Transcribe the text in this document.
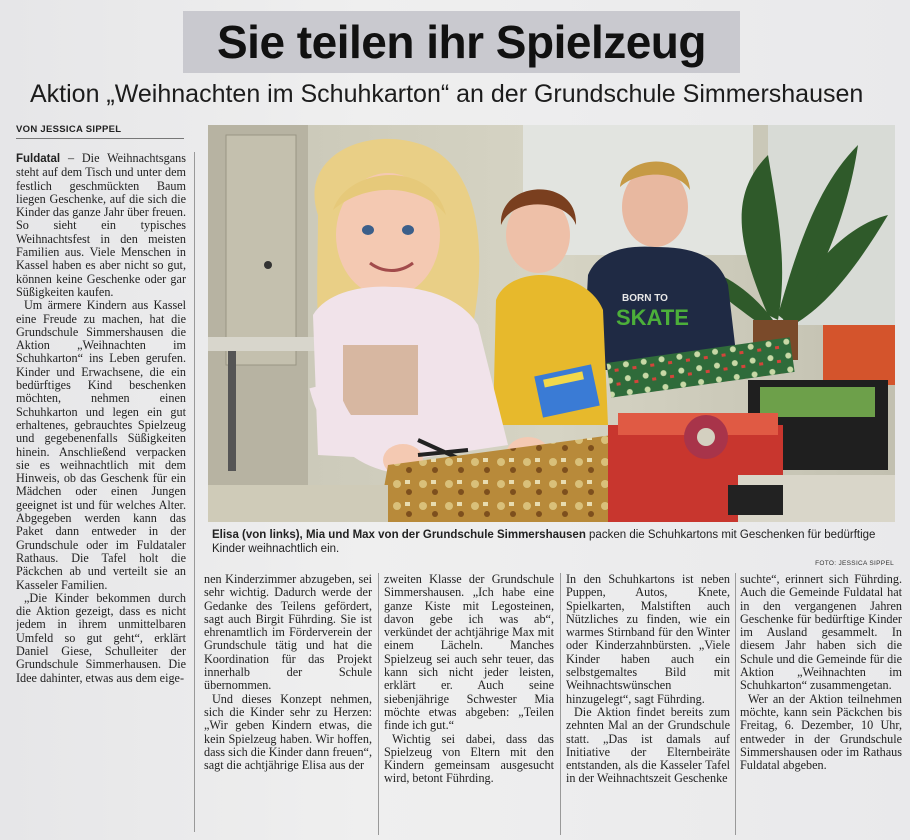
Sie teilen ihr Spielzeug
Aktion „Weihnachten im Schuhkarton“ an der Grundschule Simmershausen
VON JESSICA SIPPEL

Fuldatal – Die Weihnachtsgans steht auf dem Tisch und unter dem festlich geschmückten Baum liegen Geschenke, auf die sich die Kinder das ganze Jahr über freuen. So sieht ein typisches Weihnachtsfest in den meisten Familien aus. Viele Menschen in Kassel haben es aber nicht so gut, können keine Geschenke oder gar Süßigkeiten kaufen.

Um ärmere Kindern aus Kassel eine Freude zu machen, hat die Grundschule Simmershausen die Aktion „Weihnachten im Schuhkarton“ ins Leben gerufen. Kinder und Erwachsene, die ein bedürftiges Kind beschenken möchten, nehmen einen Schuhkarton und legen ein gut erhaltenes, gebrauchtes Spielzeug und gegebenenfalls Süßigkeiten hinein. Anschließend verpacken sie es weihnachtlich mit dem Hinweis, ob das Geschenk für ein Mädchen oder einen Jungen geeignet ist und für welches Alter. Abgegeben werden kann das Paket dann entweder in der Grundschule oder im Fuldataler Rathaus. Die Tafel holt die Päckchen ab und verteilt sie an Kasseler Familien.

„Die Kinder bekommen durch die Aktion gezeigt, dass es nicht jedem in ihrem unmittelbaren Umfeld so gut geht“, erklärt Daniel Giese, Schulleiter der Grundschule Simmerhausen. Die Idee dahinter, etwas aus dem eige-

BORN TO
SKATE
Elisa (von links), Mia und Max von der Grundschule Simmershausen packen die Schuhkartons mit Geschenken für bedürftige Kinder weihnachtlich ein.
FOTO: JESSICA SIPPEL

nen Kinderzimmer abzugeben, sei sehr wichtig. Dadurch werde der Gedanke des Teilens gefördert, sagt auch Birgit Führding. Sie ist ehrenamtlich im Förderverein der Grundschule tätig und hat die Koordination für das Projekt innerhalb der Schule übernommen.

Und dieses Konzept nehmen, sich die Kinder sehr zu Herzen: „Wir geben Kindern etwas, die kein Spielzeug haben. Wir hoffen, dass sich die Kinder dann freuen“, sagt die achtjährige Elisa aus der

zweiten Klasse der Grundschule Simmershausen. „Ich habe eine ganze Kiste mit Legosteinen, davon gebe ich was ab“, verkündet der achtjährige Max mit einem Lächeln. Manches Spielzeug sei auch sehr teuer, das kann sich nicht jeder leisten, erklärt er. Auch seine siebenjährige Schwester Mia möchte etwas abgeben: „Teilen finde ich gut.“

Wichtig sei dabei, dass das Spielzeug von Eltern mit den Kindern gemeinsam ausgesucht wird, betont Führding.

In den Schuhkartons ist neben Puppen, Autos, Knete, Spielkarten, Malstiften auch Nützliches zu finden, wie ein warmes Stirnband für den Winter oder Kinderzahnbürsten. „Viele Kinder haben auch ein selbstgemaltes Bild mit Weihnachtswünschen hinzugelegt“, sagt Führding.

Die Aktion findet bereits zum zehnten Mal an der Grundschule statt. „Das ist damals auf Initiative der Elternbeiräte entstanden, als die Kasseler Tafel in der Weihnachtszeit Geschenke

suchte“, erinnert sich Führding. Auch die Gemeinde Fuldatal hat in den vergangenen Jahren Geschenke für bedürftige Kinder im Ausland gesammelt. In diesem Jahr haben sich die Schule und die Gemeinde für die Aktion „Weihnachten im Schuhkarton“ zusammengetan.

Wer an der Aktion teilnehmen möchte, kann sein Päckchen bis Freitag, 6. Dezember, 10 Uhr, entweder in der Grundschule Simmershausen oder im Rathaus Fuldatal abgeben.
